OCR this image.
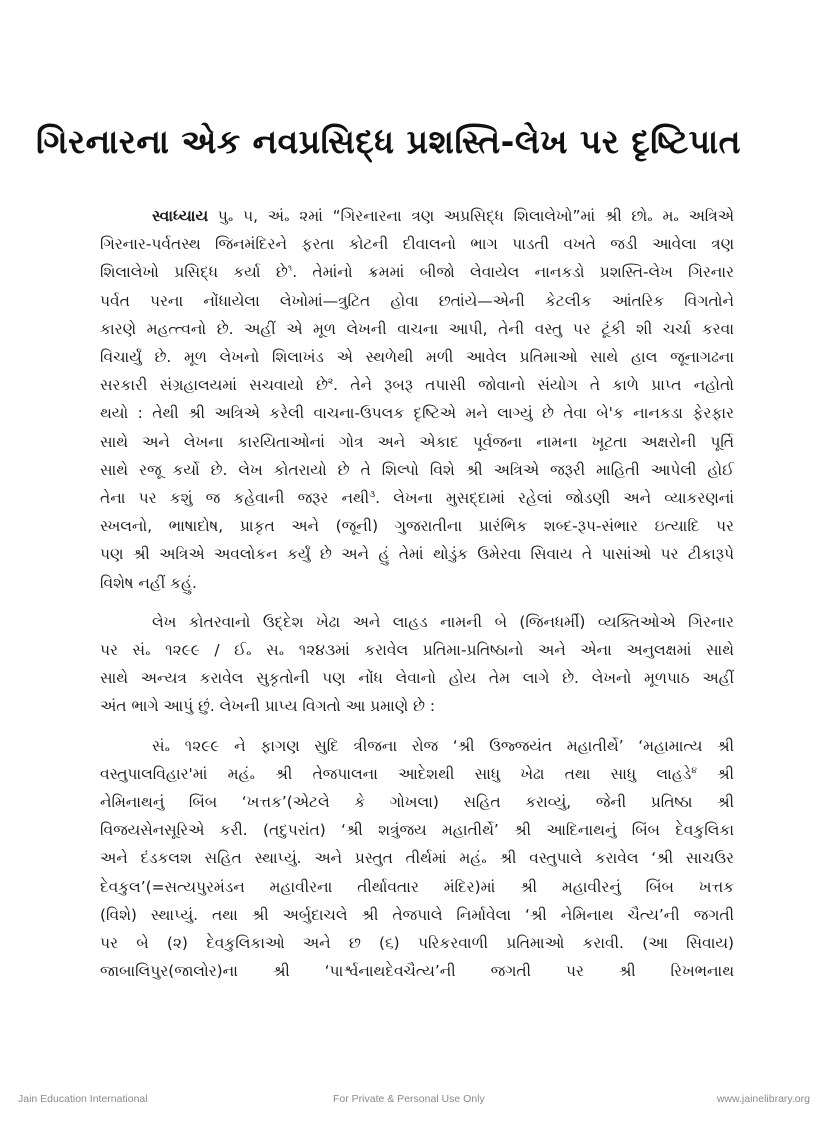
ગિરનારના એક નવપ્રસિદ્ધ પ્રશસ્તિ-લેખ પર દૃષ્ટિપાત

સ્વાધ્યાય પુ૰ ૫, અં૰ ૨માં “ગિરનારના ત્રણ અપ્રસિદ્ધ શિલાલેખો”માં શ્રી છો૰ મ૰ અત્રિએ
ગિરનાર-પર્વતસ્થ જિનમંદિરને ફરતા કોટની દીવાલનો ભાગ પાડતી વખતે જડી આવેલા ત્રણ
શિલાલેખો પ્રસિદ્ધ કર્યા છે$^૧$. તેમાંનો ક્રમમાં બીજો લેવાયેલ નાનકડો પ્રશસ્તિ-લેખ ગિરનાર
પર્વત પરના નોંધાયેલા લેખોમાં—ત્રુટિત હોવા છતાંયે—એની કેટલીક આંતરિક વિગતોને
કારણે મહત્ત્વનો છે. અહીં એ મૂળ લેખની વાચના આપી, તેની વસ્તુ પર ટૂંકી શી ચર્ચા કરવા
વિચાર્યું છે. મૂળ લેખનો શિલાખંડ એ સ્થળેથી મળી આવેલ પ્રતિમાઓ સાથે હાલ જૂનાગઢના
સરકારી સંગ્રહાલયમાં સચવાયો છે$^૨$. તેને રૂબરૂ તપાસી જોવાનો સંયોગ તે કાળે પ્રાપ્ત નહોતો
થયો : તેથી શ્રી અત્રિએ કરેલી વાચના-ઉપલક દૃષ્ટિએ મને લાગ્યું છે તેવા બે'ક નાનકડા ફેરફાર
સાથે અને લેખના કારયિતાઓનાં ગોત્ર અને એકાદ પૂર્વજના નામના ખૂટતા અક્ષરોની પૂર્તિ
સાથે રજૂ કર્યો છે. લેખ કોતરાયો છે તે શિલ્પો વિશે શ્રી અત્રિએ જરૂરી માહિતી આપેલી હોઈ
તેના પર કશું જ કહેવાની જરૂર નથી$^૩$. લેખના મુસદ્દામાં રહેલાં જોડણી અને વ્યાકરણનાં
સ્ખલનો, ભાષાદોષ, પ્રાકૃત અને (જૂની) ગુજરાતીના પ્રારંભિક શબ્દ-રૂપ-સંભાર ઇત્યાદિ પર
પણ શ્રી અત્રિએ અવલોકન કર્યું છે અને હું તેમાં થોડુંક ઉમેરવા સિવાય તે પાસાંઓ પર ટીકારૂપે
વિશેષ નહીં કહું.

લેખ કોતરવાનો ઉદ્દેશ ખેઢા અને લાહડ નામની બે (જિનધર્મી) વ્યક્તિઓએ ગિરનાર
પર સં૰ ૧૨૯૯ / ઈ૰ સ૰ ૧૨૪૩માં કરાવેલ પ્રતિમા-પ્રતિષ્ઠાનો અને એના અનુલક્ષમાં સાથે
સાથે અન્યત્ર કરાવેલ સુકૃતોની પણ નોંધ લેવાનો હોય તેમ લાગે છે. લેખનો મૂળપાઠ અહીં
અંત ભાગે આપું છું. લેખની પ્રાપ્ય વિગતો આ પ્રમાણે છે :

સં૰ ૧૨૯૯ ને ફાગણ સુદિ ત્રીજના રોજ ‘શ્રી ઉજ્જયંત મહાતીર્થે’ ‘મહામાત્ય શ્રી
વસ્તુપાલવિહાર'માં મહં૰ શ્રી તેજપાલના આદેશથી સાધુ ખેઢા તથા સાધુ લાહડે$^૪$ શ્રી
નેમિનાથનું બિંબ ‘ખત્તક’(એટલે કે ગોખલા) સહિત કરાવ્યું, જેની પ્રતિષ્ઠા શ્રી
વિજયસેનસૂરિએ કરી. (તદુપરાંત) ‘શ્રી શત્રુંજય મહાતીર્થે’ શ્રી આદિનાથનું બિંબ દેવકુલિકા
અને દંડકલશ સહિત સ્થાપ્યું. અને પ્રસ્તુત તીર્થમાં મહં૰ શ્રી વસ્તુપાલે કરાવેલ ‘શ્રી સાચઉર
દેવકુલ’(=સત્યપુરમંડન મહાવીરના તીર્થાવતાર મંદિર)માં શ્રી મહાવીરનું બિંબ ખત્તક
(વિશે) સ્થાપ્યું. તથા શ્રી અર્બુદાચલે શ્રી તેજપાલે નિર્માવેલા ‘શ્રી નેમિનાથ ચૈત્ય’ની જગતી
પર બે (૨) દેવકુલિકાઓ અને છ (૬) પરિકરવાળી પ્રતિમાઓ કરાવી. (આ સિવાય)
જાબાલિપુર(જાલોર)ના શ્રી ‘પાર્શ્વનાથદેવચૈત્ય’ની જગતી પર શ્રી રિખભનાથ

Jain Education International	For Private & Personal Use Only	www.jainelibrary.org
